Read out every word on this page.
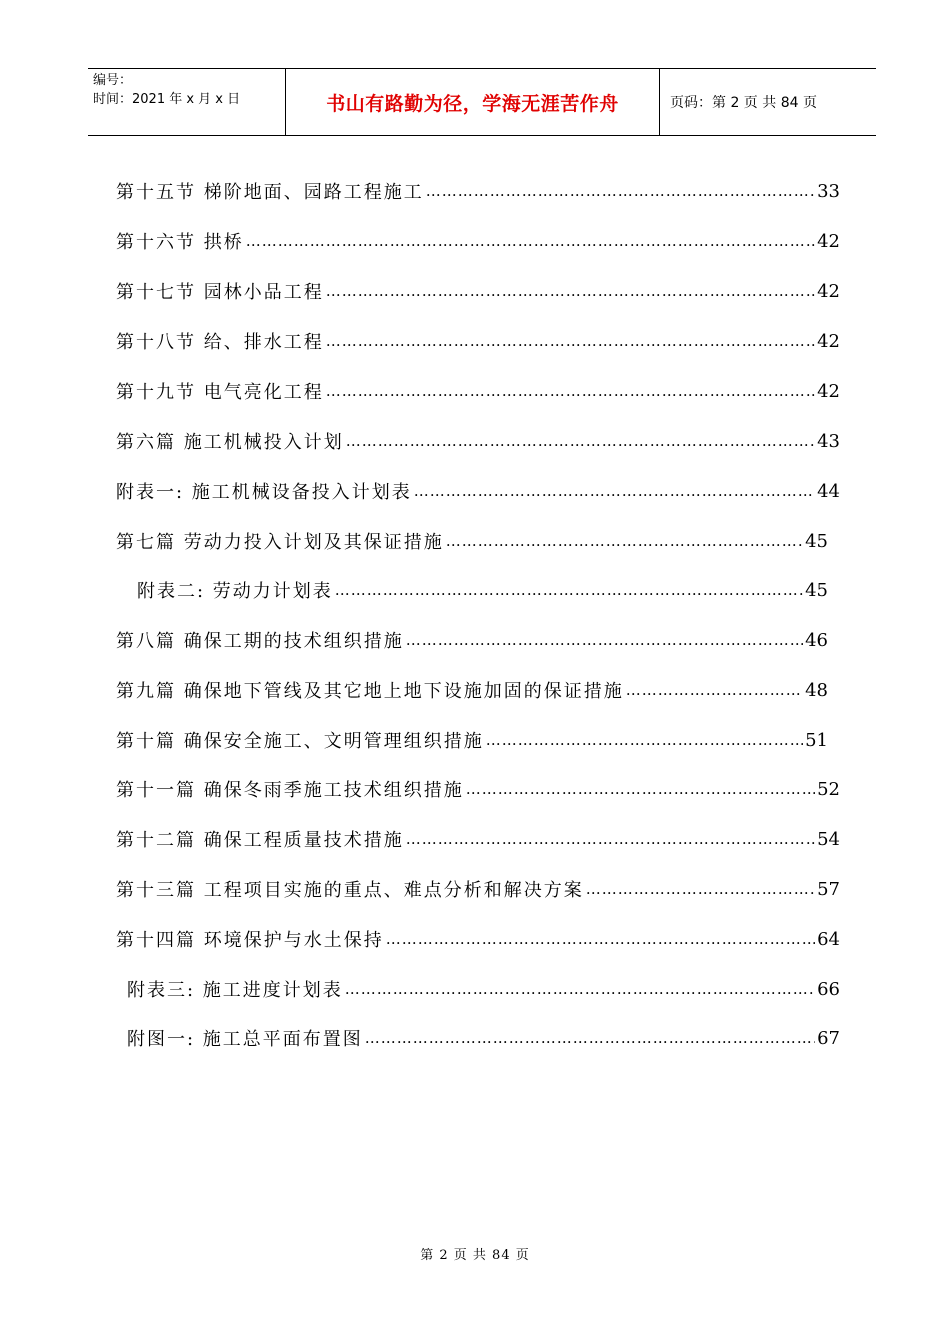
编号：
时间：2021 年 x 月 x 日	书山有路勤为径，学海无涯苦作舟	页码：第 2 页 共 84 页
第十五节 梯阶地面、园路工程施工 ……………………………………………………………………………………………………………………………………	33
第十六节 拱桥 ……………………………………………………………………………………………………………………………………	42
第十七节 园林小品工程 ……………………………………………………………………………………………………………………………………	42
第十八节 给、排水工程 ……………………………………………………………………………………………………………………………………	42
第十九节 电气亮化工程 ……………………………………………………………………………………………………………………………………	42
第六篇 施工机械投入计划 ……………………………………………………………………………………………………………………………………	43
附表一: 施工机械设备投入计划表 ……………………………………………………………………………………………………………………………………	44
第七篇 劳动力投入计划及其保证措施 ……………………………………………………………………………………………………………………………………	45
附表二: 劳动力计划表 ……………………………………………………………………………………………………………………………………	45
第八篇 确保工期的技术组织措施 ……………………………………………………………………………………………………………………………………	46
第九篇 确保地下管线及其它地上地下设施加固的保证措施 ……………………………………………………………………………………………………………………………………	48
第十篇 确保安全施工、文明管理组织措施 ……………………………………………………………………………………………………………………………………	51
第十一篇 确保冬雨季施工技术组织措施 ……………………………………………………………………………………………………………………………………	52
第十二篇 确保工程质量技术措施 ……………………………………………………………………………………………………………………………………	54
第十三篇 工程项目实施的重点、难点分析和解决方案 ……………………………………………………………………………………………………………………………………	57
第十四篇 环境保护与水土保持 ……………………………………………………………………………………………………………………………………	64
附表三: 施工进度计划表 ……………………………………………………………………………………………………………………………………	66
附图一: 施工总平面布置图 ……………………………………………………………………………………………………………………………………	67
第 2 页 共 84 页
